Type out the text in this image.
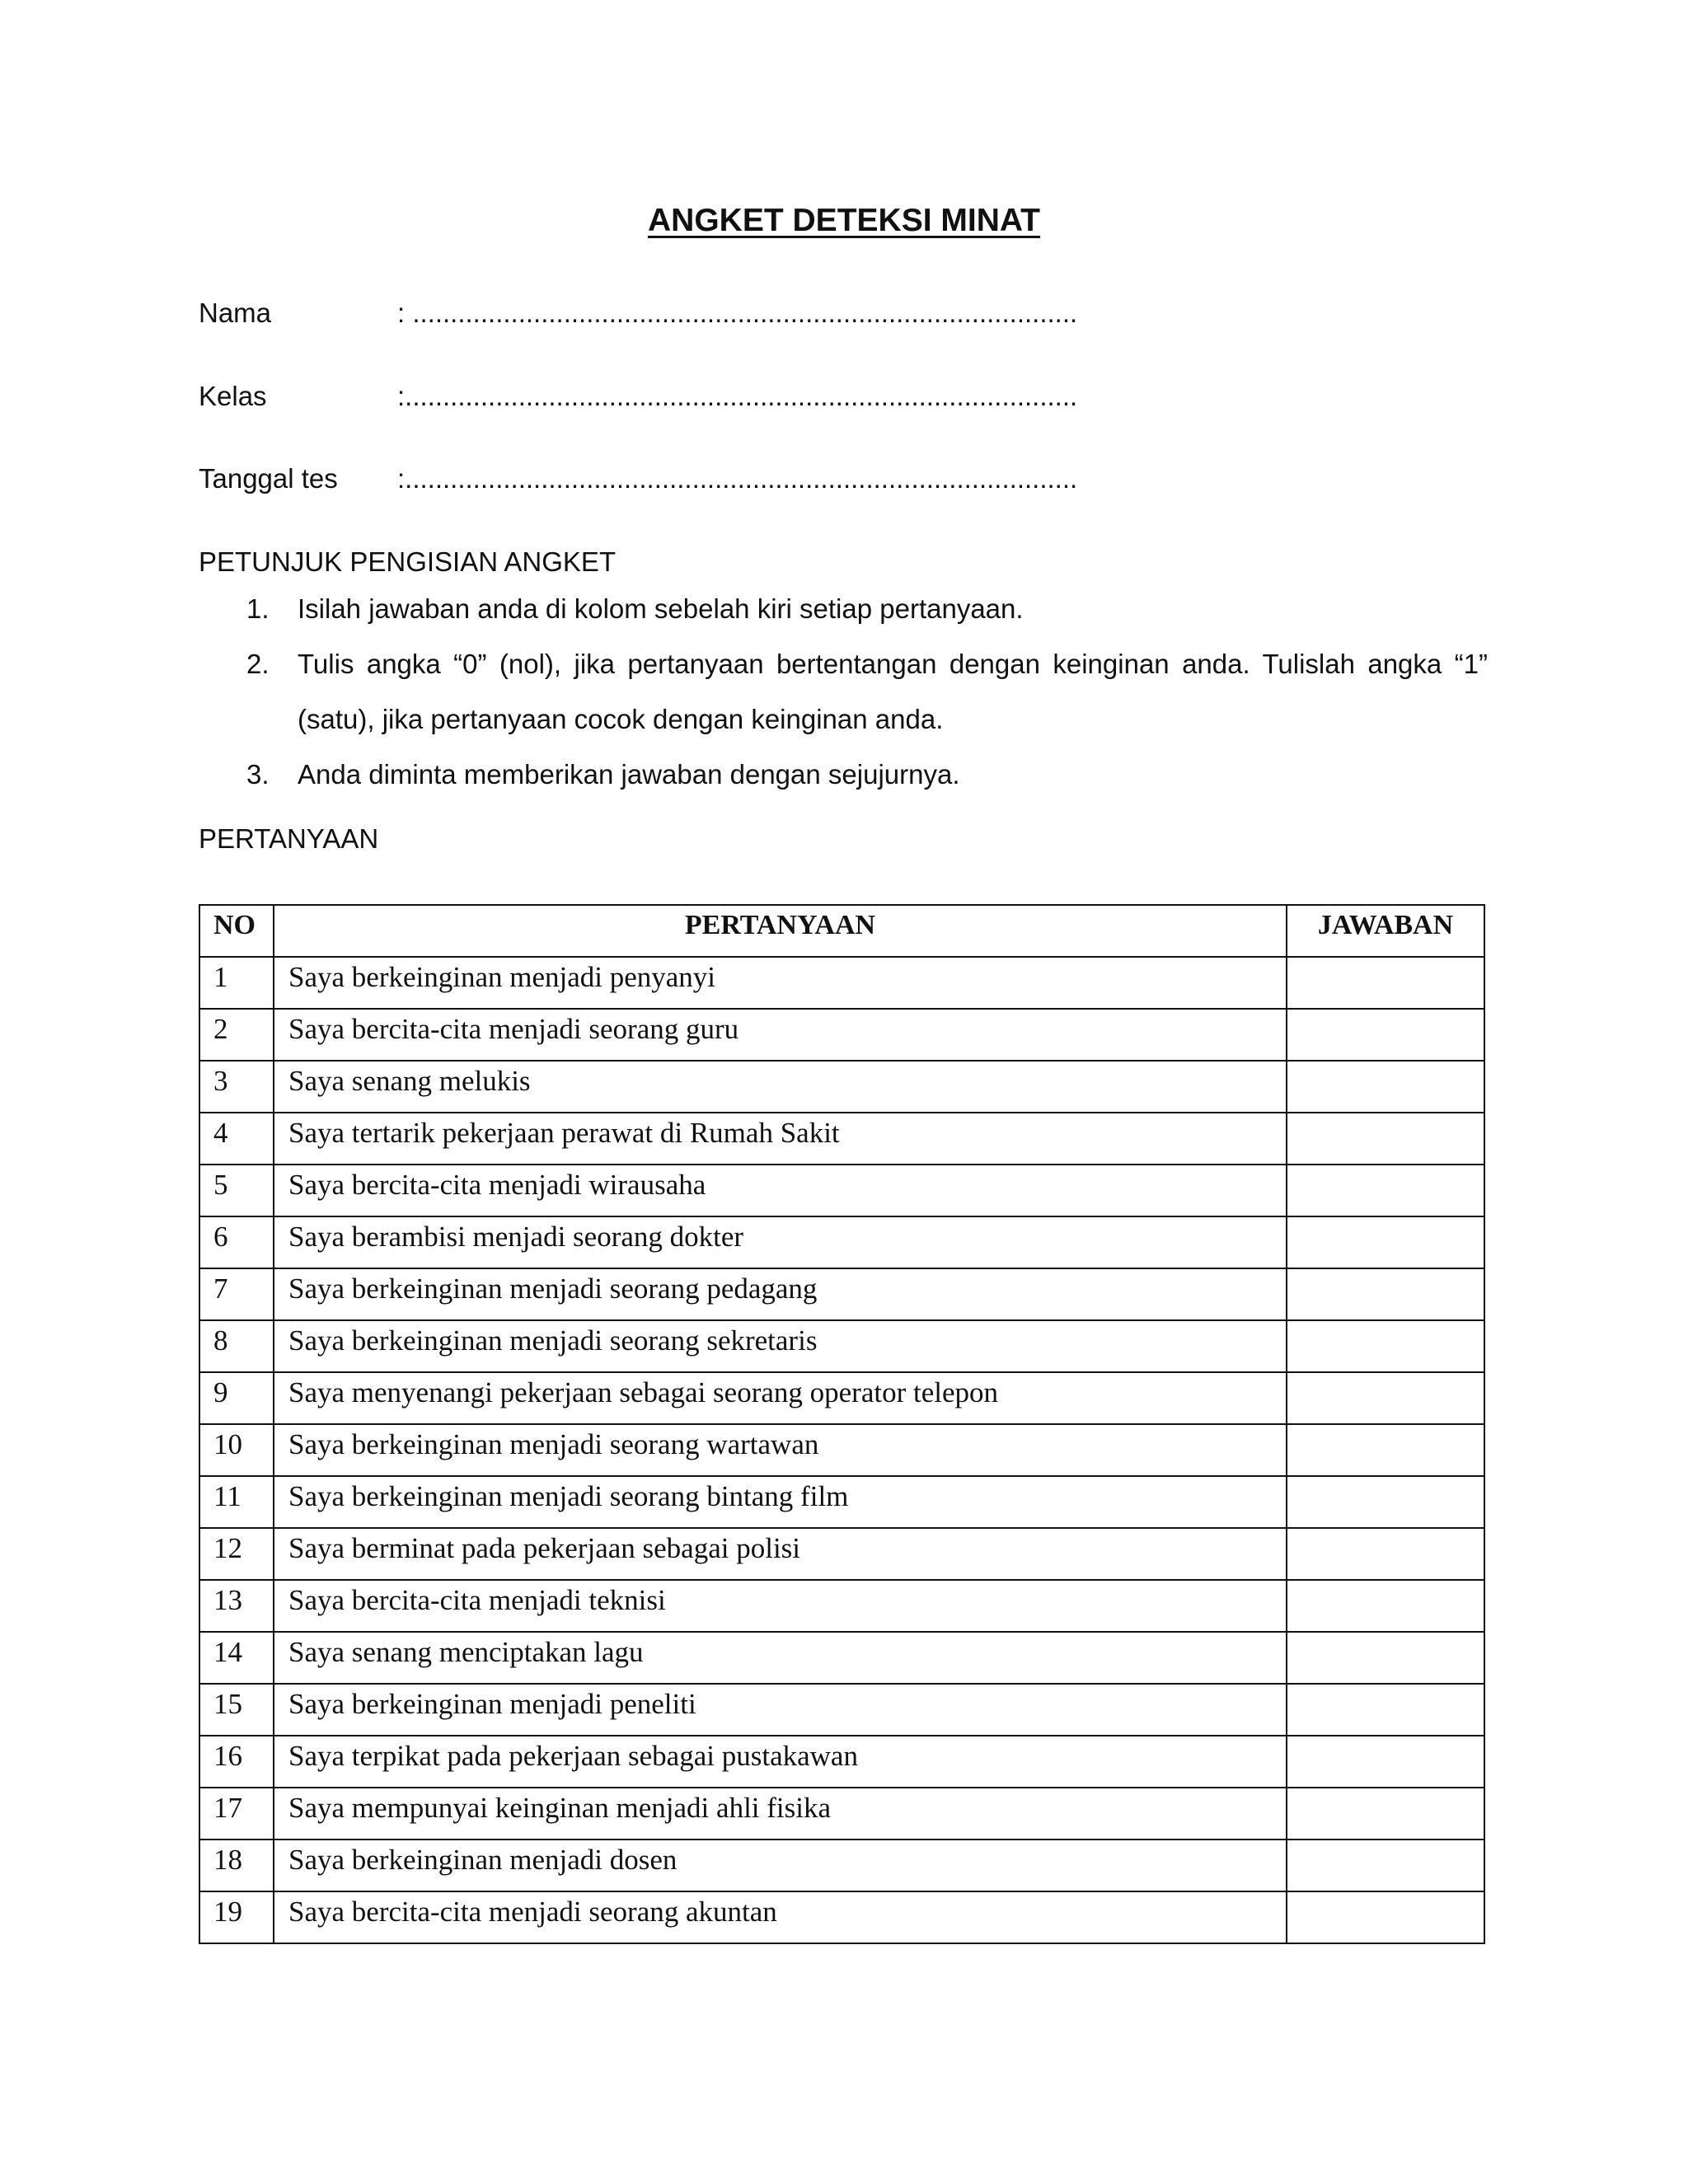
ANGKET DETEKSI MINAT
Nama	: ........................................................................................
Kelas	:.........................................................................................
Tanggal tes :.........................................................................................
PETUNJUK PENGISIAN ANGKET
1. Isilah jawaban anda di kolom sebelah kiri setiap pertanyaan.
2. Tulis angka “0” (nol), jika pertanyaan bertentangan dengan keinginan anda. Tulislah angka “1” (satu), jika pertanyaan cocok dengan keinginan anda.
3. Anda diminta memberikan jawaban dengan sejujurnya.
PERTANYAAN
NO	PERTANYAAN	JAWABAN
1	Saya berkeinginan menjadi penyanyi	
2	Saya bercita-cita menjadi seorang guru	
3	Saya senang melukis	
4	Saya tertarik pekerjaan perawat di Rumah Sakit	
5	Saya bercita-cita menjadi wirausaha	
6	Saya berambisi menjadi seorang dokter	
7	Saya berkeinginan menjadi seorang pedagang	
8	Saya berkeinginan menjadi seorang sekretaris	
9	Saya menyenangi pekerjaan sebagai seorang operator telepon	
10	Saya berkeinginan menjadi seorang wartawan	
11	Saya berkeinginan menjadi seorang bintang film	
12	Saya berminat pada pekerjaan sebagai polisi	
13	Saya bercita-cita menjadi teknisi	
14	Saya senang menciptakan lagu	
15	Saya berkeinginan menjadi peneliti	
16	Saya terpikat pada pekerjaan sebagai pustakawan	
17	Saya mempunyai keinginan menjadi ahli fisika	
18	Saya berkeinginan menjadi dosen	
19	Saya bercita-cita menjadi seorang akuntan	
